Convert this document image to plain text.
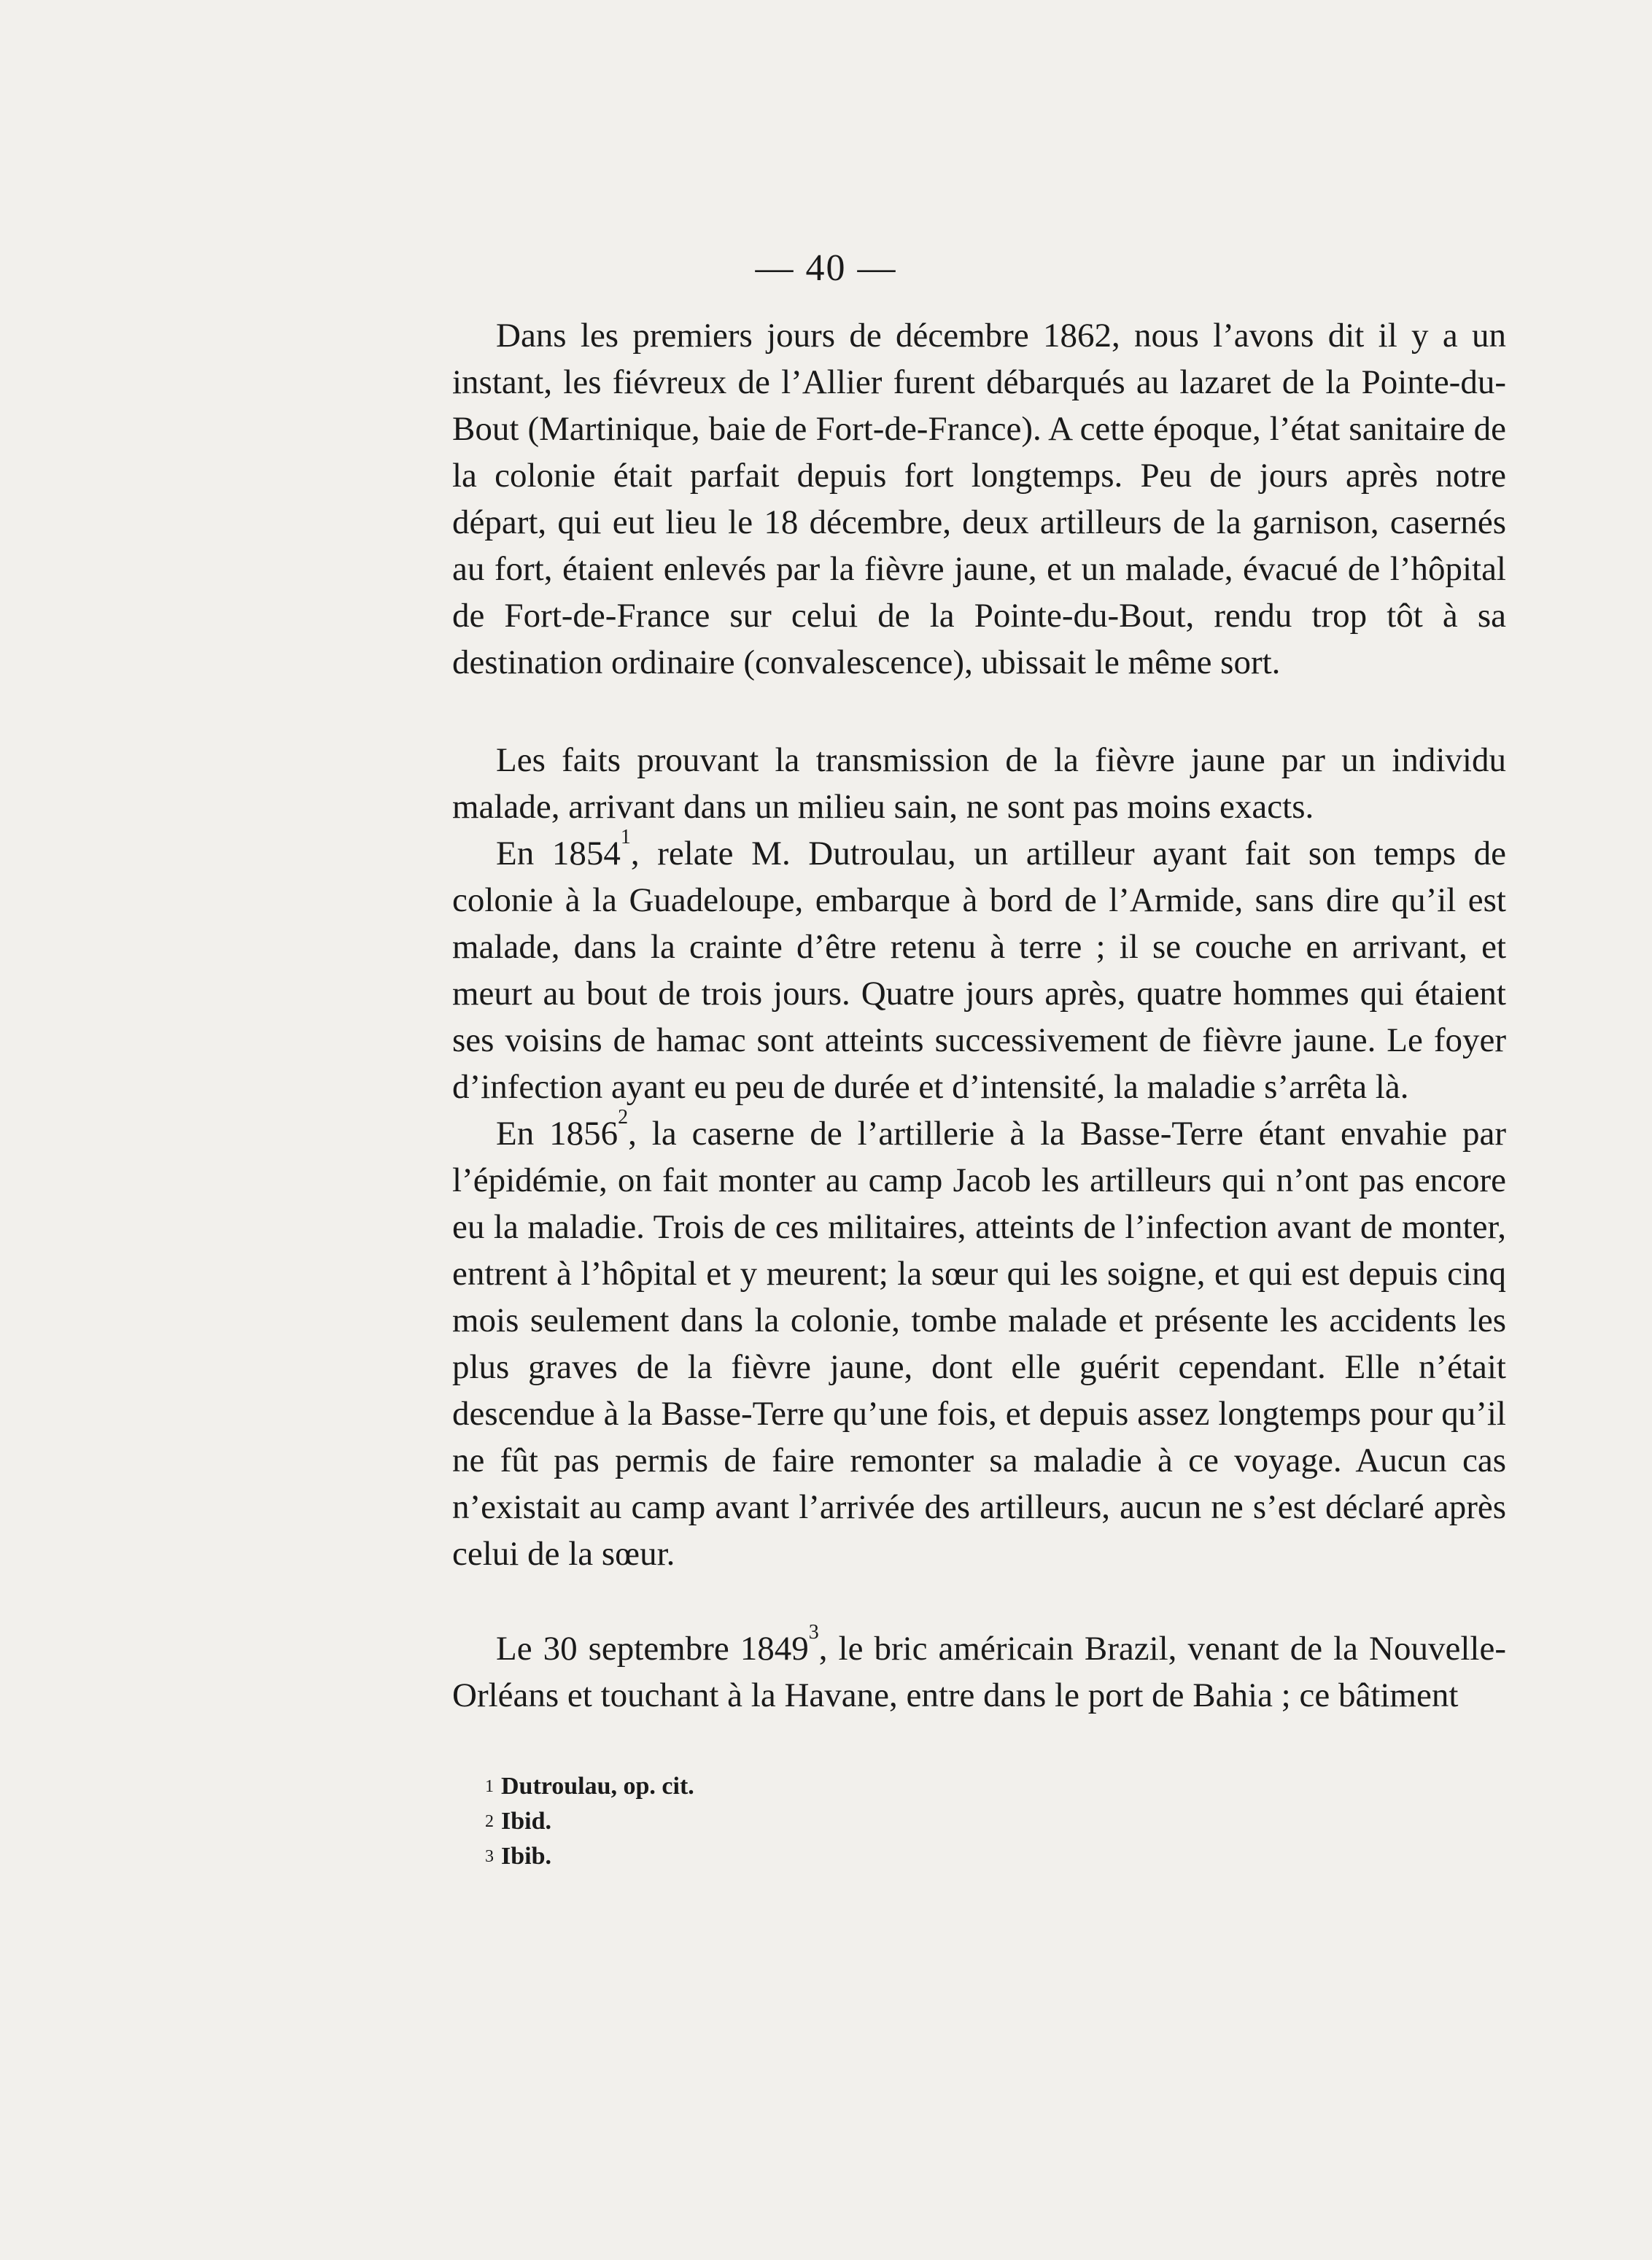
— 40 —

Dans les premiers jours de décembre 1862, nous l’avons dit il y a un instant, les fiévreux de l’Allier furent débarqués au lazaret de la Pointe-du-Bout (Martinique, baie de Fort-de-France). A cette époque, l’état sanitaire de la colonie était parfait depuis fort longtemps. Peu de jours après notre départ, qui eut lieu le 18 décembre, deux artilleurs de la garnison, casernés au fort, étaient enlevés par la fièvre jaune, et un malade, évacué de l’hôpital de Fort-de-France sur celui de la Pointe-du-Bout, rendu trop tôt à sa destination ordinaire (convalescence), ubissait le même sort.

Les faits prouvant la transmission de la fièvre jaune par un individu malade, arrivant dans un milieu sain, ne sont pas moins exacts.

En 1854$^1$, relate M. Dutroulau, un artilleur ayant fait son temps de colonie à la Guadeloupe, embarque à bord de l’Armide, sans dire qu’il est malade, dans la crainte d’être retenu à terre ; il se couche en arrivant, et meurt au bout de trois jours. Quatre jours après, quatre hommes qui étaient ses voisins de hamac sont atteints successivement de fièvre jaune. Le foyer d’infection ayant eu peu de durée et d’intensité, la maladie s’arrêta là.

En 1856$^2$, la caserne de l’artillerie à la Basse-Terre étant envahie par l’épidémie, on fait monter au camp Jacob les artilleurs qui n’ont pas encore eu la maladie. Trois de ces militaires, atteints de l’infection avant de monter, entrent à l’hôpital et y meurent; la sœur qui les soigne, et qui est depuis cinq mois seulement dans la colonie, tombe malade et présente les accidents les plus graves de la fièvre jaune, dont elle guérit cependant. Elle n’était descendue à la Basse-Terre qu’une fois, et depuis assez longtemps pour qu’il ne fût pas permis de faire remonter sa maladie à ce voyage. Aucun cas n’existait au camp avant l’arrivée des artilleurs, aucun ne s’est déclaré après celui de la sœur.

Le 30 septembre 1849$^3$, le bric américain Brazil, venant de la Nouvelle-Orléans et touchant à la Havane, entre dans le port de Bahia ; ce bâtiment

$^1$ Dutroulau, op. cit.
$^2$ Ibid.
$^3$ Ibib.
